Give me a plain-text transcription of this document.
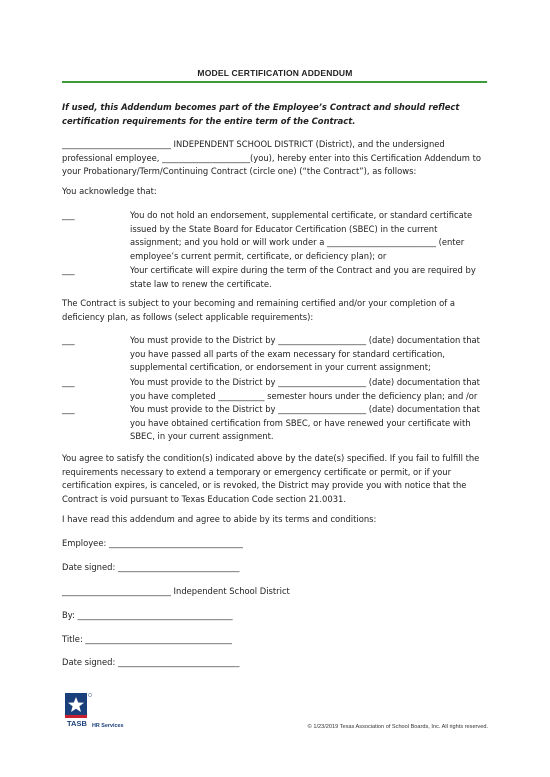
MODEL CERTIFICATION ADDENDUM
If used, this Addendum becomes part of the Employee’s Contract and should reflect certification requirements for the entire term of the Contract.
__________________________ INDEPENDENT SCHOOL DISTRICT (District), and the undersigned professional employee, _____________________(you), hereby enter into this Certification Addendum to your Probationary/Term/Continuing Contract (circle one) (“the Contract”), as follows:
You acknowledge that:
___	You do not hold an endorsement, supplemental certificate, or standard certificate issued by the State Board for Educator Certification (SBEC) in the current assignment; and you hold or will work under a __________________________ (enter employee’s current permit, certificate, or deficiency plan); or
___	Your certificate will expire during the term of the Contract and you are required by state law to renew the certificate.
The Contract is subject to your becoming and remaining certified and/or your completion of a deficiency plan, as follows (select applicable requirements):
___	You must provide to the District by _____________________ (date) documentation that you have passed all parts of the exam necessary for standard certification, supplemental certification, or endorsement in your current assignment;
___	You must provide to the District by _____________________ (date) documentation that you have completed ___________ semester hours under the deficiency plan; and /or
___	You must provide to the District by _____________________ (date) documentation that you have obtained certification from SBEC, or have renewed your certificate with SBEC, in your current assignment.
You agree to satisfy the condition(s) indicated above by the date(s) specified. If you fail to fulfill the requirements necessary to extend a temporary or emergency certificate or permit, or if your certification expires, is canceled, or is revoked, the District may provide you with notice that the Contract is void pursuant to Texas Education Code section 21.0031.
I have read this addendum and agree to abide by its terms and conditions:
Employee: ________________________________
Date signed: _____________________________
__________________________ Independent School District
By: _____________________________________
Title: ___________________________________
Date signed: _____________________________
TASB HR Services	© 1/23/2019 Texas Association of School Boards, Inc. All rights reserved.
